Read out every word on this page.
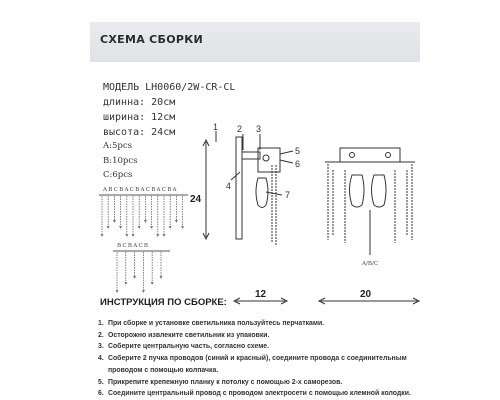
СХЕМА СБОРКИ
МОДЕЛЬ LH0060/2W-CR-CL
длинна: 20см
ширина: 12см
высота: 24см
A:5pcs
B:10pcs
C:6pcs
ABCBACBACBACBA
BCBACB
1 2 3
4
5
6
7
24
A/B/C
12	20
ИНСТРУКЦИЯ ПО СБОРКЕ:
1. При сборке и установке светильника пользуйтесь перчатками.
2. Осторожно извлеките светильник из упаковки.
3. Соберите центральную часть, согласно схеме.
4. Соберите 2 пучка проводов (синий и красный), соедините провода с соединительным
проводом с помощью колпачка.
5. Прикрепите крепежную планку к потолку с помощью 2-х саморезов.
6. Соедините центральный провод с проводом электросети с помощью клемной колодки.
